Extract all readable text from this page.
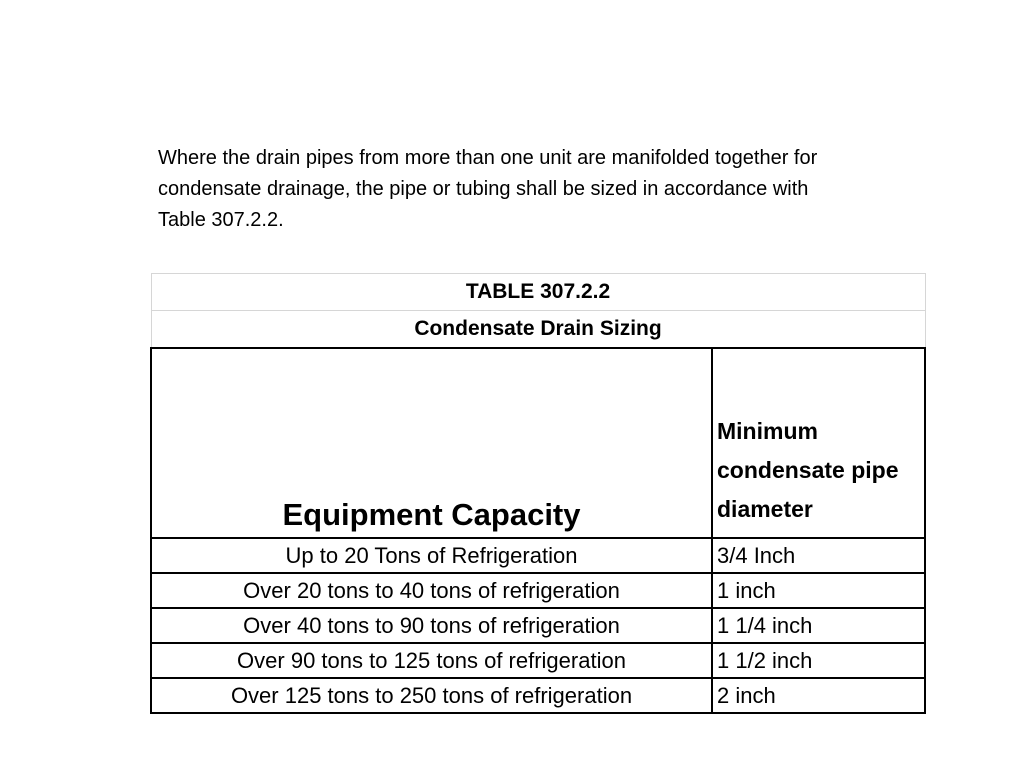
Where the drain pipes from more than one unit are manifolded together for condensate drainage, the pipe or tubing shall be sized in accordance with Table 307.2.2.

TABLE 307.2.2	
Condensate Drain Sizing	
Equipment Capacity	Minimum condensate pipe diameter
Up to 20 Tons of Refrigeration	3/4 Inch
Over 20 tons to 40 tons of refrigeration	1 inch
Over 40 tons to 90 tons of refrigeration	1 1/4 inch
Over 90 tons to 125 tons of refrigeration	1 1/2 inch
Over 125 tons to 250 tons of refrigeration	2 inch
